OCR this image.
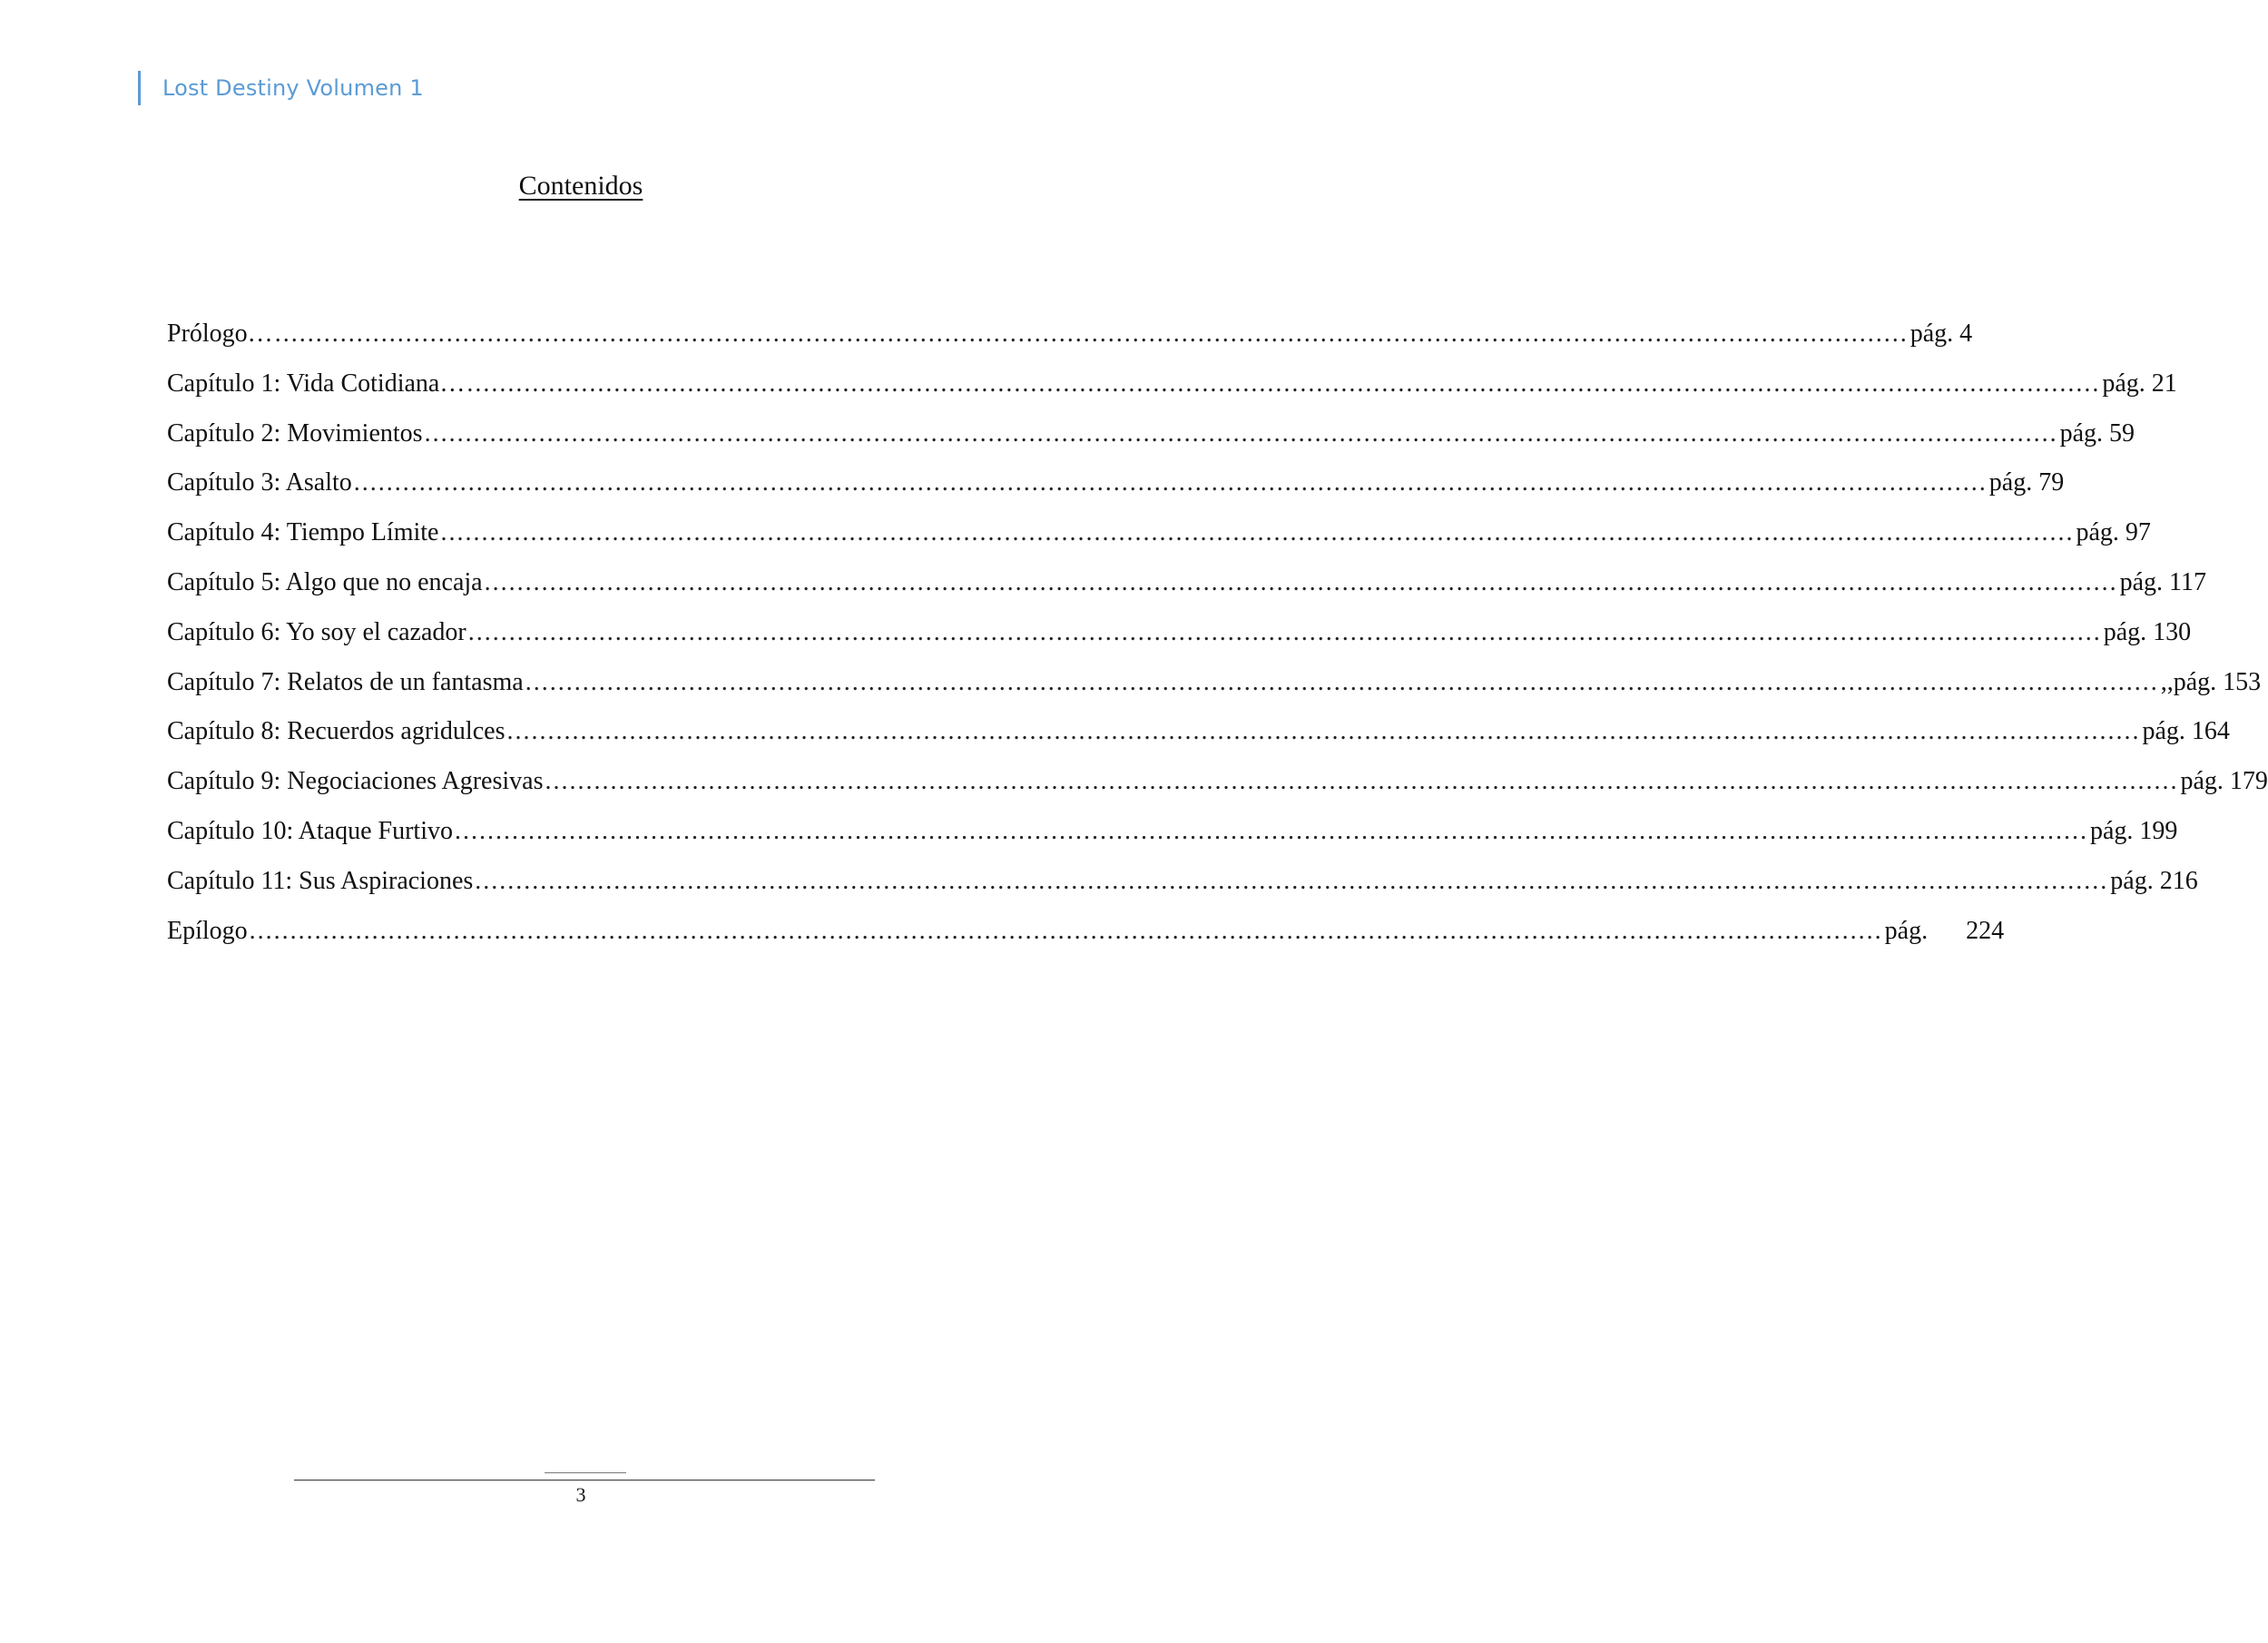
Lost Destiny Volumen 1
Contenidos
Prólogo… ........................................................................................................................................................................................................ pág. 4
Capítulo 1: Vida Cotidiana… ........................................................................................................................................................................................................ pág. 21
Capítulo 2: Movimientos ........................................................................................................................................................................................................ pág. 59
Capítulo 3: Asalto ........................................................................................................................................................................................................ pág. 79
Capítulo 4: Tiempo Límite ........................................................................................................................................................................................................ pág. 97
Capítulo 5: Algo que no encaja ........................................................................................................................................................................................................ pág. 117
Capítulo 6: Yo soy el cazador ........................................................................................................................................................................................................ pág. 130
Capítulo 7: Relatos de un fantasma ........................................................................................................................................................................................................ ,,pág. 153
Capítulo 8: Recuerdos agridulces ........................................................................................................................................................................................................ pág. 164
Capítulo 9: Negociaciones Agresivas ........................................................................................................................................................................................................ pág. 179
Capítulo 10: Ataque Furtivo ........................................................................................................................................................................................................ pág. 199
Capítulo 11: Sus Aspiraciones ........................................................................................................................................................................................................ pág. 216
Epílogo ........................................................................................................................................................................................................ pág.      224
3
